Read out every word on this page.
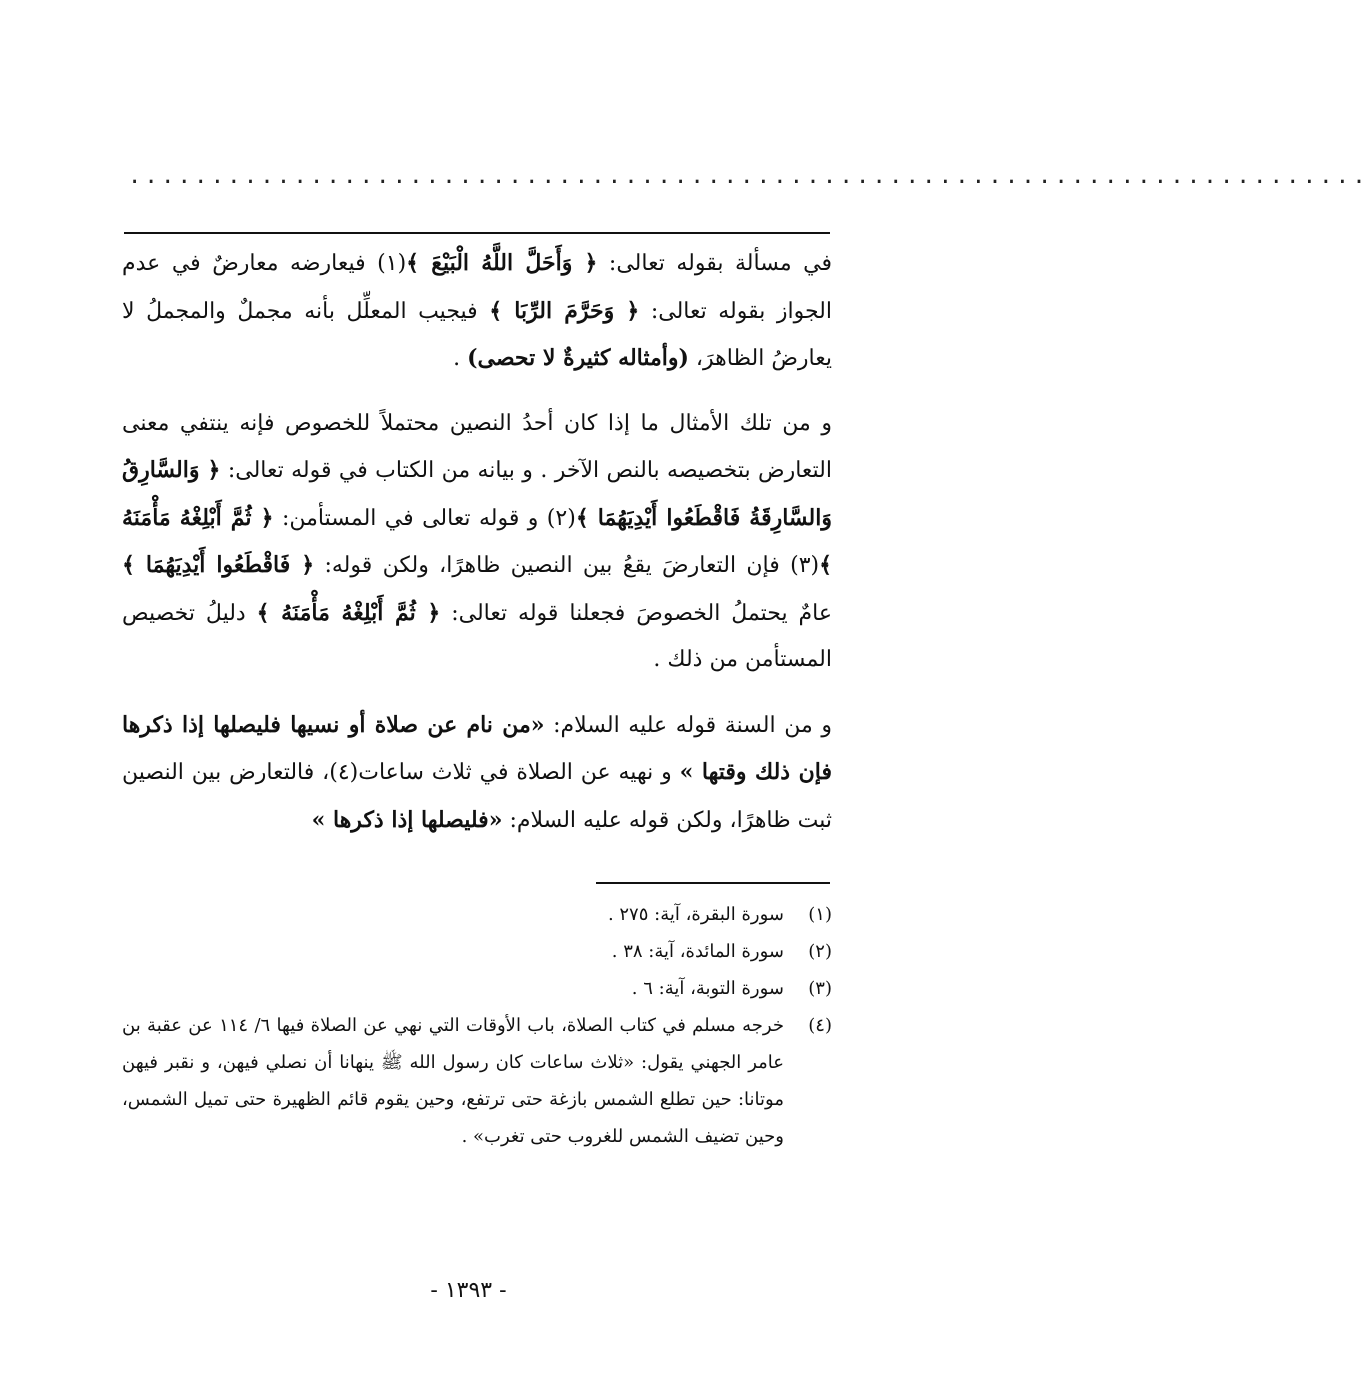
...........................................................................

في مسألة بقوله تعالى: ﴿ وَأَحَلَّ اللَّهُ الْبَيْعَ ﴾(١) فيعارضه معارضٌ في عدم الجواز بقوله تعالى: ﴿ وَحَرَّمَ الرِّبَا ﴾ فيجيب المعلِّل بأنه مجملٌ والمجملُ لا يعارضُ الظاهرَ، (وأمثاله كثيرةٌ لا تحصى) .

و من تلك الأمثال ما إذا كان أحدُ النصين محتملاً للخصوص فإنه ينتفي معنى التعارض بتخصيصه بالنص الآخر . و بيانه من الكتاب في قوله تعالى: ﴿ وَالسَّارِقُ وَالسَّارِقَةُ فَاقْطَعُوا أَيْدِيَهُمَا ﴾(٢) و قوله تعالى في المستأمن: ﴿ ثُمَّ أَبْلِغْهُ مَأْمَنَهُ ﴾(٣) فإن التعارضَ يقعُ بين النصين ظاهرًا، ولكن قوله: ﴿ فَاقْطَعُوا أَيْدِيَهُمَا ﴾ عامٌ يحتملُ الخصوصَ فجعلنا قوله تعالى: ﴿ ثُمَّ أَبْلِغْهُ مَأْمَنَهُ ﴾ دليلُ تخصيص المستأمن من ذلك .

و من السنة قوله عليه السلام: «من نام عن صلاة أو نسيها فليصلها إذا ذكرها فإن ذلك وقتها » و نهيه عن الصلاة في ثلاث ساعات(٤)، فالتعارض بين النصين ثبت ظاهرًا، ولكن قوله عليه السلام: «فليصلها إذا ذكرها »

(١)
سورة البقرة، آية: ٢٧٥ .
(٢)
سورة المائدة، آية: ٣٨ .
(٣)
سورة التوبة، آية: ٦ .
(٤)
خرجه مسلم في كتاب الصلاة، باب الأوقات التي نهي عن الصلاة فيها ٦/ ١١٤ عن عقبة بن عامر الجهني يقول: «ثلاث ساعات كان رسول الله ﷺ ينهانا أن نصلي فيهن، و نقبر فيهن موتانا: حين تطلع الشمس بازغة حتى ترتفع، وحين يقوم قائم الظهيرة حتى تميل الشمس، وحين تضيف الشمس للغروب حتى تغرب» .
- ١٣٩٣ -
